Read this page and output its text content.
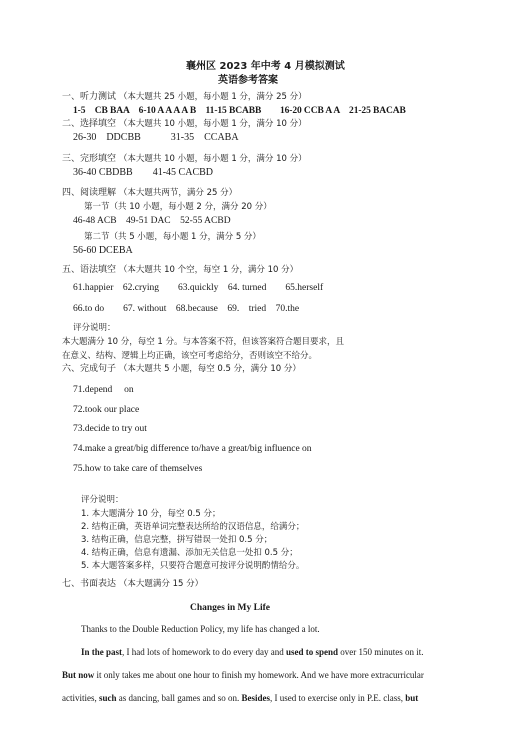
襄州区 2023 年中考 4 月模拟测试
英语参考答案
一、听力测试 （本大题共 25 小题，每小题 1 分，满分 25 分）
1-5　CB BAA　6-10 A A A A B　11-15 BCABB　　16-20 CCB A A　21-25 BACAB
二、选择填空 （本大题共 10 小题，每小题 1 分，满分 10 分）
26-30　DDCBB　　　31-35　CCABA
三、完形填空 （本大题共 10 小题，每小题 1 分，满分 10 分）
36-40 CBDBB　　41-45 CACBD
四、阅读理解 （本大题共两节，满分 25 分）
第一节（共 10 小题，每小题 2 分，满分 20 分）
46-48 ACB　49-51 DAC　52-55 ACBD
第二节（共 5 小题，每小题 1 分，满分 5 分）
56-60 DCEBA
五、语法填空 （本大题共 10 个空，每空 1 分，满分 10 分）
61.happier　62.crying　　63.quickly　64. turned　　65.herself
66.to do　　67. without　68.because　69.　tried　70.the
评分说明：
本大题满分 10 分，每空 1 分。与本答案不符，但该答案符合题目要求，且
在意义、结构、逻辑上均正确，该空可考虑给分，否则该空不给分。
六、完成句子 （本大题共 5 小题，每空 0.5 分，满分 10 分）
71.depend　 on
72.took our place
73.decide to try out
74.make a great/big difference to/have a great/big influence on
75.how to take care of themselves
评分说明：
1. 本大题满分 10 分，每空 0.5 分；
2. 结构正确，英语单词完整表达所给的汉语信息，给满分；
3. 结构正确，信息完整，拼写错误一处扣 0.5 分；
4. 结构正确，信息有遗漏、添加无关信息一处扣 0.5 分；
5. 本大题答案多样，只要符合题意可按评分说明酌情给分。
七、书面表达 （本大题满分 15 分）
Changes in My Life
Thanks to the Double Reduction Policy, my life has changed a lot.
In the past, I had lots of homework to do every day and used to spend over 150 minutes on it.
But now it only takes me about one hour to finish my homework. And we have more extracurricular
activities, such as dancing, ball games and so on. Besides, I used to exercise only in P.E. class, but
